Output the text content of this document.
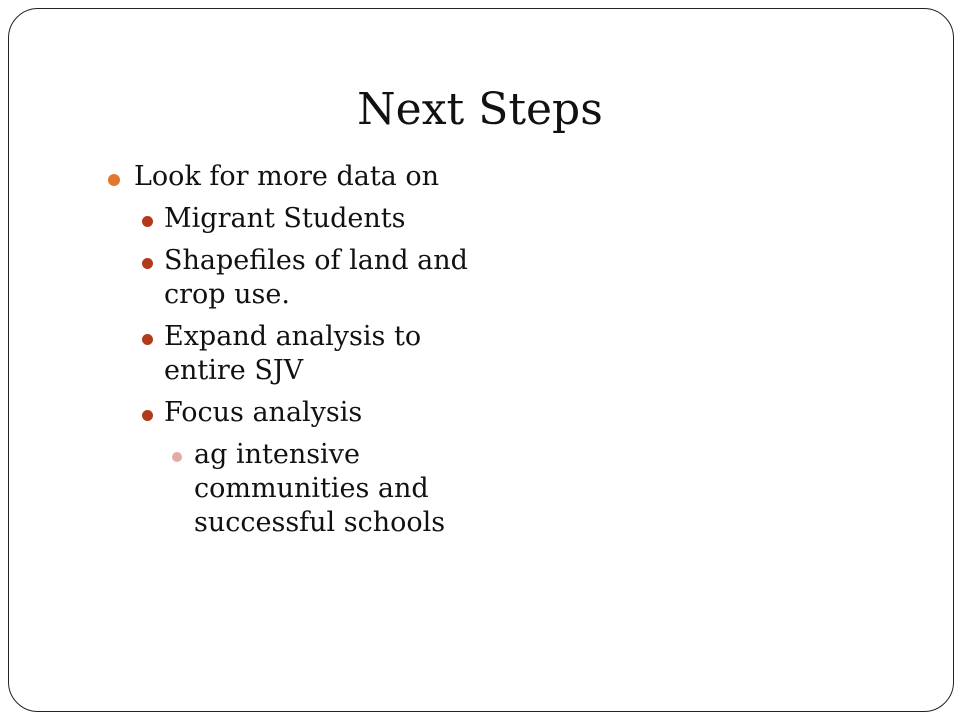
Next Steps
Look for more data on
Migrant Students
Shapefiles of land and crop use.
Expand analysis to entire SJV
Focus analysis
ag intensive communities and successful schools
